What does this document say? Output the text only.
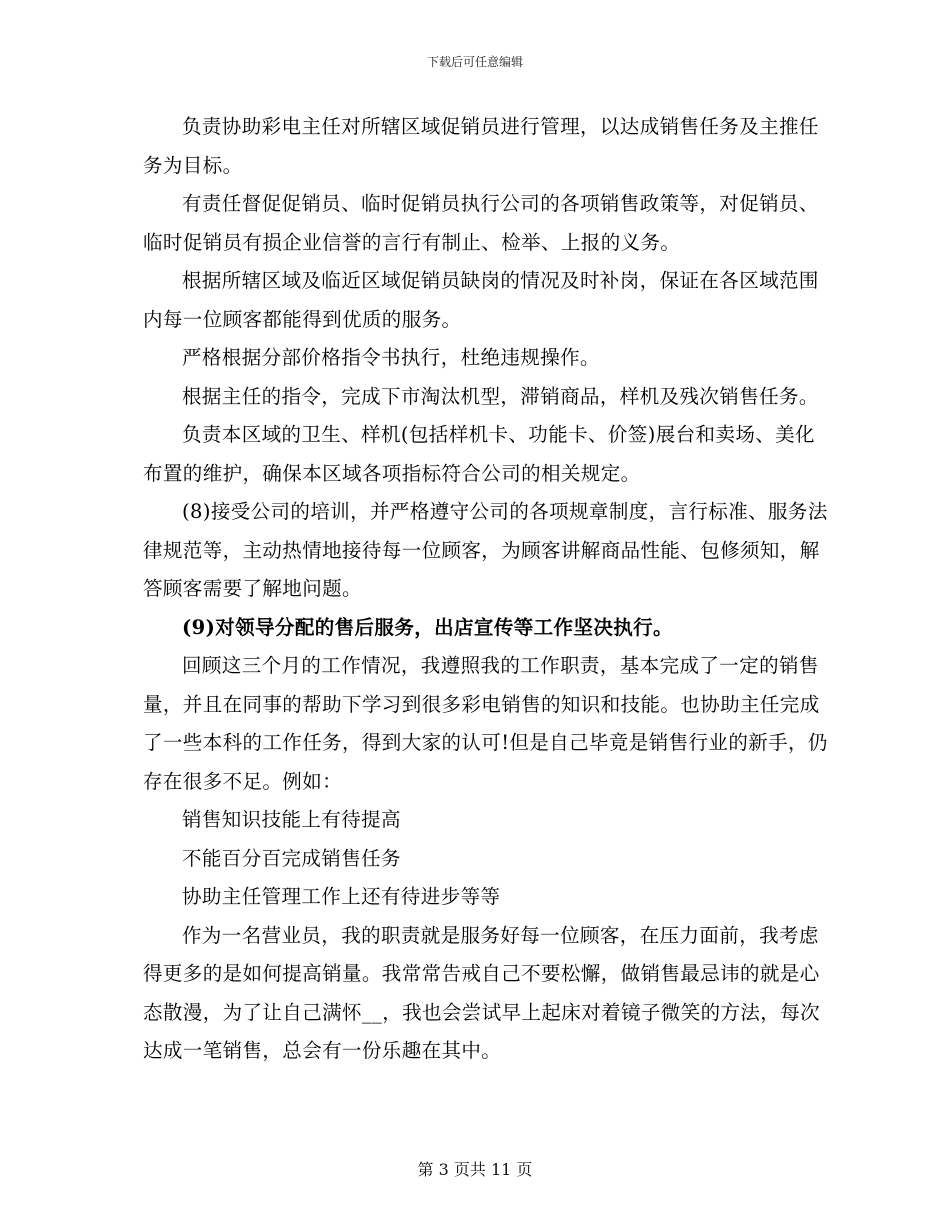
下载后可任意编辑

负责协助彩电主任对所辖区域促销员进行管理，以达成销售任务及主推任务为目标。

有责任督促促销员、临时促销员执行公司的各项销售政策等，对促销员、临时促销员有损企业信誉的言行有制止、检举、上报的义务。

根据所辖区域及临近区域促销员缺岗的情况及时补岗，保证在各区域范围内每一位顾客都能得到优质的服务。

严格根据分部价格指令书执行，杜绝违规操作。

根据主任的指令，完成下市淘汰机型，滞销商品，样机及残次销售任务。

负责本区域的卫生、样机(包括样机卡、功能卡、价签)展台和卖场、美化布置的维护，确保本区域各项指标符合公司的相关规定。

(8)接受公司的培训，并严格遵守公司的各项规章制度，言行标准、服务法律规范等，主动热情地接待每一位顾客，为顾客讲解商品性能、包修须知，解答顾客需要了解地问题。

(9)对领导分配的售后服务，出店宣传等工作坚决执行。

回顾这三个月的工作情况，我遵照我的工作职责，基本完成了一定的销售量，并且在同事的帮助下学习到很多彩电销售的知识和技能。也协助主任完成了一些本科的工作任务，得到大家的认可!但是自己毕竟是销售行业的新手，仍存在很多不足。例如：

销售知识技能上有待提高

不能百分百完成销售任务

协助主任管理工作上还有待进步等等

作为一名营业员，我的职责就是服务好每一位顾客，在压力面前，我考虑得更多的是如何提高销量。我常常告戒自己不要松懈，做销售最忌讳的就是心态散漫，为了让自己满怀__，我也会尝试早上起床对着镜子微笑的方法，每次达成一笔销售，总会有一份乐趣在其中。

第 3 页共 11 页
